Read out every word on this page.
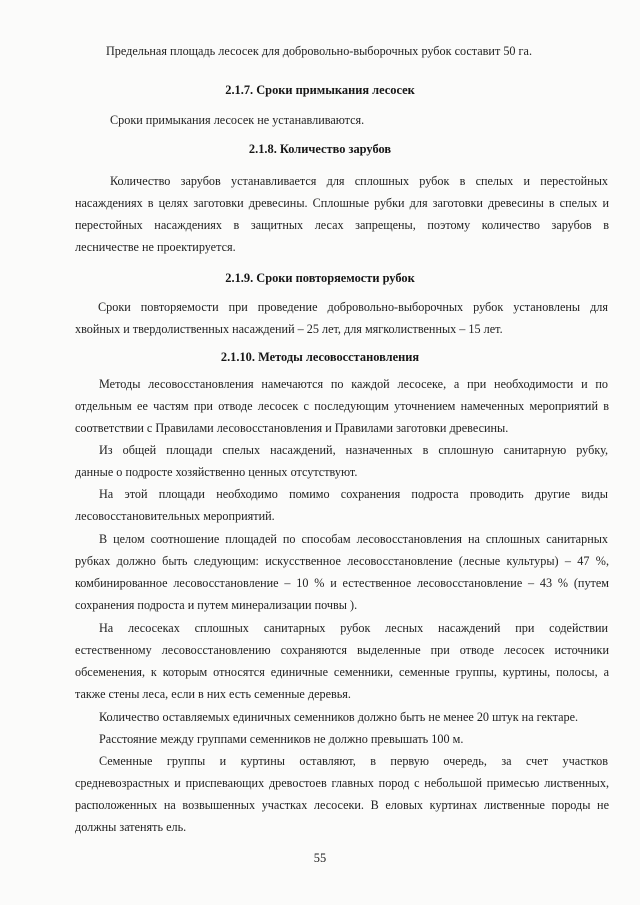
Предельная площадь лесосек для добровольно-выборочных рубок составит 50 га.
2.1.7. Сроки примыкания лесосек
Сроки примыкания лесосек не устанавливаются.
2.1.8. Количество зарубов
Количество зарубов устанавливается для сплошных рубок в спелых и перестойных
насаждениях в целях заготовки древесины. Сплошные рубки для заготовки древесины в спелых и
перестойных насаждениях в защитных лесах запрещены, поэтому количество зарубов в
лесничестве не проектируется.
2.1.9. Сроки повторяемости рубок
Сроки повторяемости при проведение добровольно-выборочных рубок установлены для
хвойных и твердолиственных насаждений – 25 лет, для мягколиственных – 15 лет.
2.1.10. Методы лесовосстановления
Методы лесовосстановления намечаются по каждой лесосеке, а при необходимости и по
отдельным ее частям при отводе лесосек с последующим уточнением намеченных мероприятий в
соответствии с Правилами лесовосстановления и Правилами заготовки древесины.
Из общей площади спелых насаждений, назначенных в сплошную санитарную рубку,
данные о подросте хозяйственно ценных отсутствуют.
На этой площади необходимо помимо сохранения подроста проводить другие виды
лесовосстановительных мероприятий.
В целом соотношение площадей по способам лесовосстановления на сплошных санитарных
рубках должно быть следующим: искусственное лесовосстановление (лесные культуры) – 47 %,
комбинированное лесовосстановление – 10 % и естественное лесовосстановление – 43 % (путем
сохранения подроста и путем минерализации почвы ).
На лесосеках сплошных санитарных рубок лесных насаждений при содействии
естественному лесовосстановлению сохраняются выделенные при отводе лесосек источники
обсеменения, к которым относятся единичные семенники, семенные группы, куртины, полосы, а
также стены леса, если в них есть семенные деревья.
Количество оставляемых единичных семенников должно быть не менее 20 штук на гектаре.
Расстояние между группами семенников не должно превышать 100 м.
Семенные группы и куртины оставляют, в первую очередь, за счет участков
средневозрастных и приспевающих древостоев главных пород с небольшой примесью лиственных,
расположенных на возвышенных участках лесосеки. В еловых куртинах лиственные породы не
должны затенять ель.
55
